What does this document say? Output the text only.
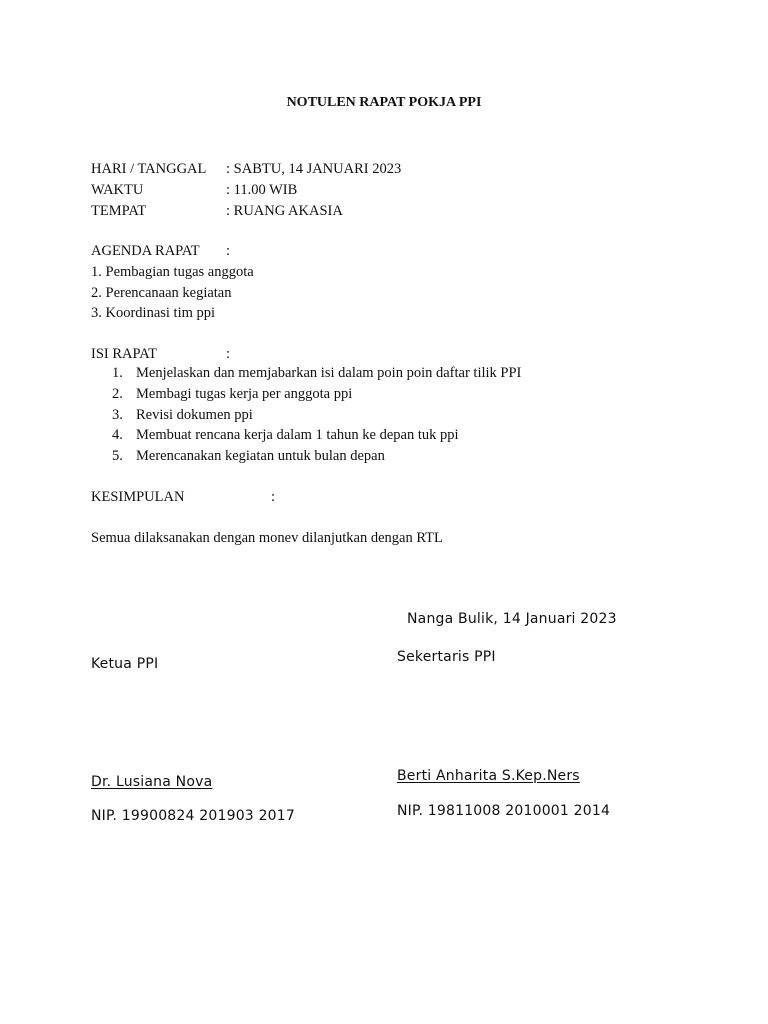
NOTULEN RAPAT POKJA PPI
HARI / TANGGAL : SABTU, 14 JANUARI 2023
WAKTU	: 11.00 WIB
TEMPAT	: RUANG AKASIA
AGENDA RAPAT :
1. Pembagian tugas anggota
2. Perencanaan kegiatan
3. Koordinasi tim ppi
ISI RAPAT	:
1. Menjelaskan dan memjabarkan isi dalam poin poin daftar tilik PPI
2. Membagi tugas kerja per anggota ppi
3. Revisi dokumen ppi
4. Membuat rencana kerja dalam 1 tahun ke depan tuk ppi
5. Merencanakan kegiatan untuk bulan depan
KESIMPULAN	:
Semua dilaksanakan dengan monev dilanjutkan dengan RTL
Nanga Bulik, 14 Januari 2023
Sekertaris PPI
Ketua PPI
Berti Anharita S.Kep.Ners
Dr. Lusiana Nova
NIP. 19811008 2010001 2014
NIP. 19900824 201903 2017
